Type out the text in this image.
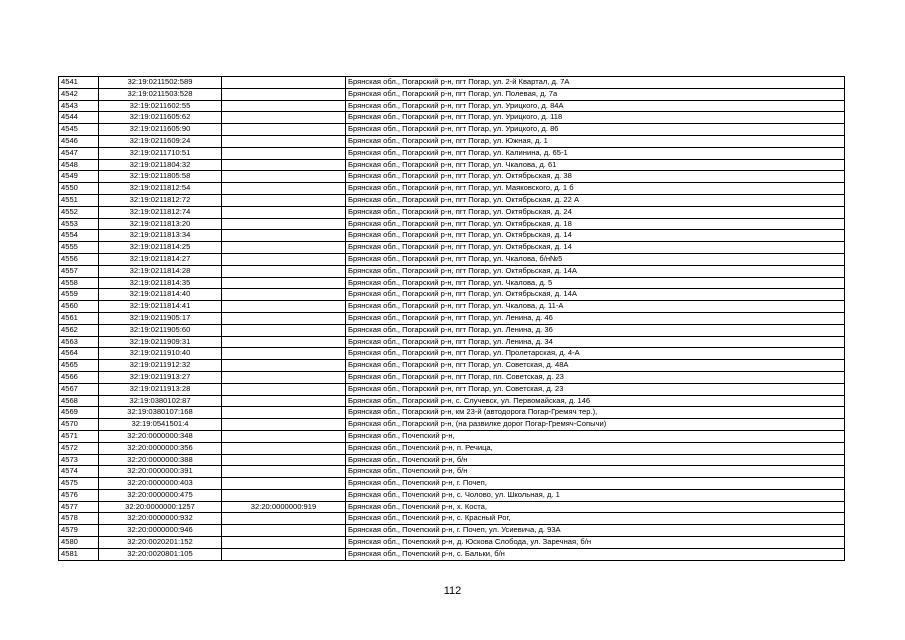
4541	32:19:0211502:589		Брянская обл., Погарский р-н, пгт Погар, ул. 2-й Квартал, д. 7А
4542	32:19:0211503:528		Брянская обл., Погарский р-н, пгт Погар, ул. Полевая, д. 7а
4543	32:19:0211602:55		Брянская обл., Погарский р-н, пгт Погар, ул. Урицкого, д. 84А
4544	32:19:0211605:62		Брянская обл., Погарский р-н, пгт Погар, ул. Урицкого, д. 118
4545	32:19:0211605:90		Брянская обл., Погарский р-н, пгт Погар, ул. Урицкого, д. 86
4546	32:19:0211609:24		Брянская обл., Погарский р-н, пгт Погар, ул. Южная, д. 1
4547	32:19:0211710:51		Брянская обл., Погарский р-н, пгт Погар, ул. Калинина, д. 65-1
4548	32:19:0211804:32		Брянская обл., Погарский р-н, пгт Погар, ул. Чкалова, д. 61
4549	32:19:0211805:58		Брянская обл., Погарский р-н, пгт Погар, ул. Октябрьская, д. 38
4550	32:19:0211812:54		Брянская обл., Погарский р-н, пгт Погар, ул. Маяковского, д. 1 б
4551	32:19:0211812:72		Брянская обл., Погарский р-н, пгт Погар, ул. Октябрьская, д. 22 А
4552	32:19:0211812:74		Брянская обл., Погарский р-н, пгт Погар, ул. Октябрьская, д. 24
4553	32:19:0211813:20		Брянская обл., Погарский р-н, пгт Погар, ул. Октябрьская, д. 18
4554	32:19:0211813:34		Брянская обл., Погарский р-н, пгт Погар, ул. Октябрьская, д. 14
4555	32:19:0211814:25		Брянская обл., Погарский р-н, пгт Погар, ул. Октябрьская, д. 14
4556	32:19:0211814:27		Брянская обл., Погарский р-н, пгт Погар, ул. Чкалова, б/н№5
4557	32:19:0211814:28		Брянская обл., Погарский р-н, пгт Погар, ул. Октябрьская, д. 14А
4558	32:19:0211814:35		Брянская обл., Погарский р-н, пгт Погар, ул. Чкалова, д. 5
4559	32:19:0211814:40		Брянская обл., Погарский р-н, пгт Погар, ул. Октябрьская, д. 14А
4560	32:19:0211814:41		Брянская обл., Погарский р-н, пгт Погар, ул. Чкалова, д. 11-А
4561	32:19:0211905:17		Брянская обл., Погарский р-н, пгт Погар, ул. Ленина, д. 46
4562	32:19:0211905:60		Брянская обл., Погарский р-н, пгт Погар, ул. Ленина, д. 36
4563	32:19:0211909:31		Брянская обл., Погарский р-н, пгт Погар, ул. Ленина, д. 34
4564	32:19:0211910:40		Брянская обл., Погарский р-н, пгт Погар, ул. Пролетарская, д. 4-А
4565	32:19:0211912:32		Брянская обл., Погарский р-н, пгт Погар, ул. Советская, д. 48А
4566	32:19:0211913:27		Брянская обл., Погарский р-н, пгт Погар, пл. Советская, д. 23
4567	32:19:0211913:28		Брянская обл., Погарский р-н, пгт Погар, ул. Советская, д. 23
4568	32:19:0380102:87		Брянская обл., Погарский р-н, с. Случевск, ул. Первомайская, д. 146
4569	32:19:0380107:168		Брянская обл., Погарский р-н, км 23-й (автодорога Погар-Гремяч тер.),
4570	32:19:0541501:4		Брянская обл., Погарский р-н, (на развилке дорог Погар-Гремяч-Сопычи)
4571	32:20:0000000:348		Брянская обл., Почепский р-н,
4572	32:20:0000000:356		Брянская обл., Почепский р-н, п. Речица,
4573	32:20:0000000:388		Брянская обл., Почепский р-н, б/н
4574	32:20:0000000:391		Брянская обл., Почепский р-н, б/н
4575	32:20:0000000:403		Брянская обл., Почепский р-н, г. Почеп,
4576	32:20:0000000:475		Брянская обл., Почепский р-н, с. Чолово, ул. Школьная, д. 1
4577	32:20:0000000:1257	32:20:0000000:919	Брянская обл., Почепский р-н, х. Коста,
4578	32:20:0000000:932		Брянская обл., Почепский р-н, с. Красный Рог,
4579	32:20:0000000:946		Брянская обл., Почепский р-н, г. Почеп, ул. Усиевича, д. 93А
4580	32:20:0020201:152		Брянская обл., Почепский р-н, д. Юскова Слобода, ул. Заречная, б/н
4581	32:20:0020801:105		Брянская обл., Почепский р-н, с. Бальки, б/н
112
